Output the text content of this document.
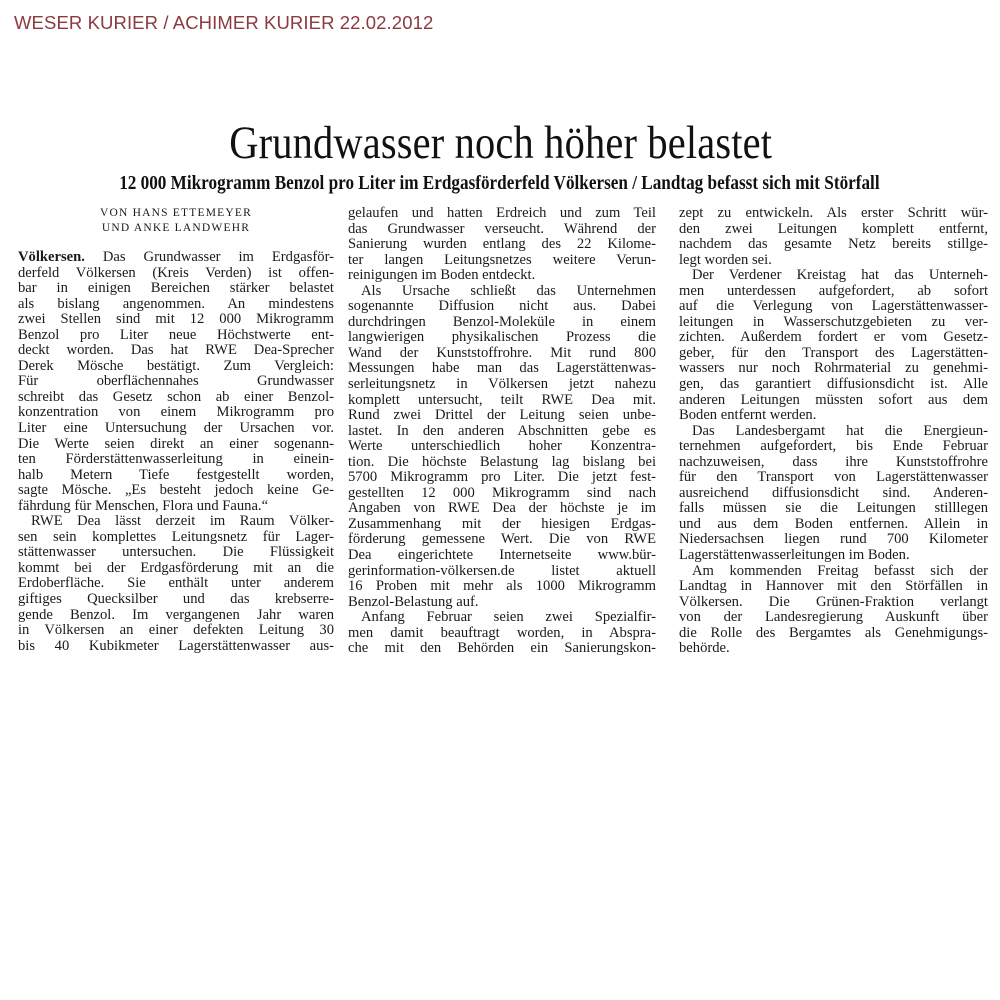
WESER KURIER / ACHIMER KURIER 22.02.2012
Grundwasser noch höher belastet
12 000 Mikrogramm Benzol pro Liter im Erdgasförderfeld Völkersen / Landtag befasst sich mit Störfall
VON HANS ETTEMEYER
UND ANKE LANDWEHR
Völkersen. Das Grundwasser im Erdgasför-
derfeld Völkersen (Kreis Verden) ist offen-
bar in einigen Bereichen stärker belastet
als bislang angenommen. An mindestens
zwei Stellen sind mit 12 000 Mikrogramm
Benzol pro Liter neue Höchstwerte ent-
deckt worden. Das hat RWE Dea-Sprecher
Derek Mösche bestätigt. Zum Vergleich:
Für oberflächennahes Grundwasser
schreibt das Gesetz schon ab einer Benzol-
konzentration von einem Mikrogramm pro
Liter eine Untersuchung der Ursachen vor.
Die Werte seien direkt an einer sogenann-
ten Förderstättenwasserleitung in einein-
halb Metern Tiefe festgestellt worden,
sagte Mösche. „Es besteht jedoch keine Ge-
fährdung für Menschen, Flora und Fauna.“
RWE Dea lässt derzeit im Raum Völker-
sen sein komplettes Leitungsnetz für Lager-
stättenwasser untersuchen. Die Flüssigkeit
kommt bei der Erdgasförderung mit an die
Erdoberfläche. Sie enthält unter anderem
giftiges Quecksilber und das krebserre-
gende Benzol. Im vergangenen Jahr waren
in Völkersen an einer defekten Leitung 30
bis 40 Kubikmeter Lagerstättenwasser aus-
gelaufen und hatten Erdreich und zum Teil
das Grundwasser verseucht. Während der
Sanierung wurden entlang des 22 Kilome-
ter langen Leitungsnetzes weitere Verun-
reinigungen im Boden entdeckt.
Als Ursache schließt das Unternehmen
sogenannte Diffusion nicht aus. Dabei
durchdringen Benzol-Moleküle in einem
langwierigen physikalischen Prozess die
Wand der Kunststoffrohre. Mit rund 800
Messungen habe man das Lagerstättenwas-
serleitungsnetz in Völkersen jetzt nahezu
komplett untersucht, teilt RWE Dea mit.
Rund zwei Drittel der Leitung seien unbe-
lastet. In den anderen Abschnitten gebe es
Werte unterschiedlich hoher Konzentra-
tion. Die höchste Belastung lag bislang bei
5700 Mikrogramm pro Liter. Die jetzt fest-
gestellten 12 000 Mikrogramm sind nach
Angaben von RWE Dea der höchste je im
Zusammenhang mit der hiesigen Erdgas-
förderung gemessene Wert. Die von RWE
Dea eingerichtete Internetseite www.bür-
gerinformation-völkersen.de listet aktuell
16 Proben mit mehr als 1000 Mikrogramm
Benzol-Belastung auf.
Anfang Februar seien zwei Spezialfir-
men damit beauftragt worden, in Abspra-
che mit den Behörden ein Sanierungskon-
zept zu entwickeln. Als erster Schritt wür-
den zwei Leitungen komplett entfernt,
nachdem das gesamte Netz bereits stillge-
legt worden sei.
Der Verdener Kreistag hat das Unterneh-
men unterdessen aufgefordert, ab sofort
auf die Verlegung von Lagerstättenwasser-
leitungen in Wasserschutzgebieten zu ver-
zichten. Außerdem fordert er vom Gesetz-
geber, für den Transport des Lagerstätten-
wassers nur noch Rohrmaterial zu genehmi-
gen, das garantiert diffusionsdicht ist. Alle
anderen Leitungen müssten sofort aus dem
Boden entfernt werden.
Das Landesbergamt hat die Energieun-
ternehmen aufgefordert, bis Ende Februar
nachzuweisen, dass ihre Kunststoffrohre
für den Transport von Lagerstättenwasser
ausreichend diffusionsdicht sind. Anderen-
falls müssen sie die Leitungen stilllegen
und aus dem Boden entfernen. Allein in
Niedersachsen liegen rund 700 Kilometer
Lagerstättenwasserleitungen im Boden.
Am kommenden Freitag befasst sich der
Landtag in Hannover mit den Störfällen in
Völkersen. Die Grünen-Fraktion verlangt
von der Landesregierung Auskunft über
die Rolle des Bergamtes als Genehmigungs-
behörde.
